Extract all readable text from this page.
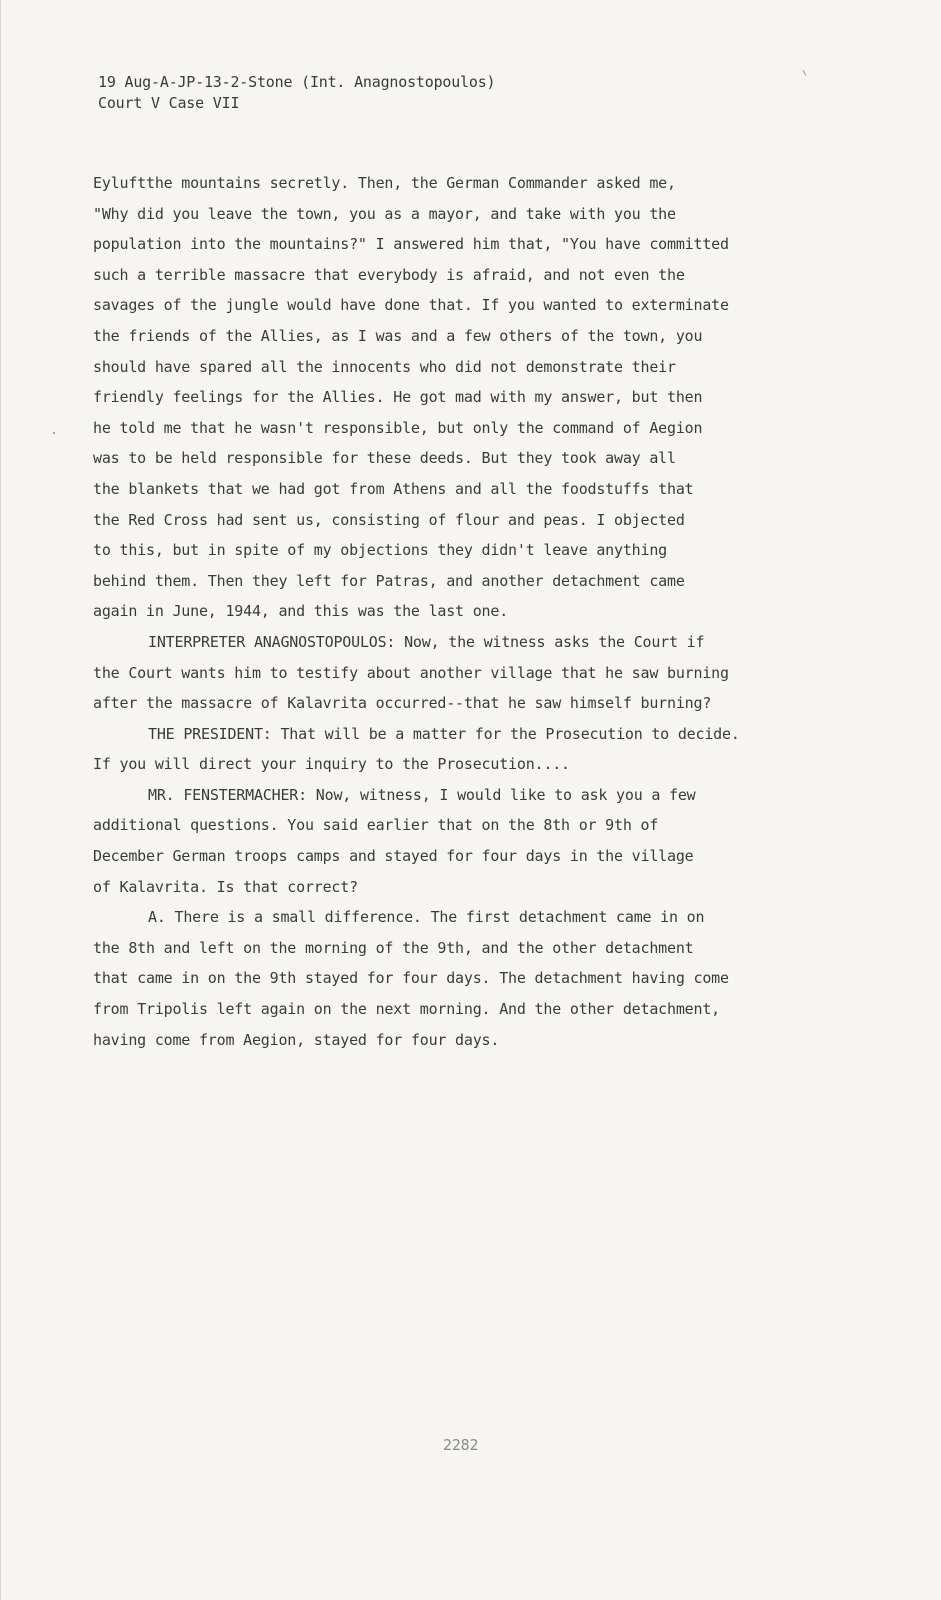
19 Aug-A-JP-13-2-Stone (Int. Anagnostopoulos)
Court V Case VII
Eyluftthe mountains secretly. Then, the German Commander asked me,
"Why did you leave the town, you as a mayor, and take with you the
population into the mountains?" I answered him that, "You have committed
such a terrible massacre that everybody is afraid, and not even the
savages of the jungle would have done that. If you wanted to exterminate
the friends of the Allies, as I was and a few others of the town, you
should have spared all the innocents who did not demonstrate their
friendly feelings for the Allies. He got mad with my answer, but then
he told me that he wasn't responsible, but only the command of Aegion
was to be held responsible for these deeds. But they took away all
the blankets that we had got from Athens and all the foodstuffs that
the Red Cross had sent us, consisting of flour and peas. I objected
to this, but in spite of my objections they didn't leave anything
behind them. Then they left for Patras, and another detachment came
again in June, 1944, and this was the last one.
INTERPRETER ANAGNOSTOPOULOS: Now, the witness asks the Court if
the Court wants him to testify about another village that he saw burning
after the massacre of Kalavrita occurred--that he saw himself burning?
THE PRESIDENT: That will be a matter for the Prosecution to decide.
If you will direct your inquiry to the Prosecution....
MR. FENSTERMACHER: Now, witness, I would like to ask you a few
additional questions. You said earlier that on the 8th or 9th of
December German troops camps and stayed for four days in the village
of Kalavrita. Is that correct?
A. There is a small difference. The first detachment came in on
the 8th and left on the morning of the 9th, and the other detachment
that came in on the 9th stayed for four days. The detachment having come
from Tripolis left again on the next morning. And the other detachment,
having come from Aegion, stayed for four days.
2282
